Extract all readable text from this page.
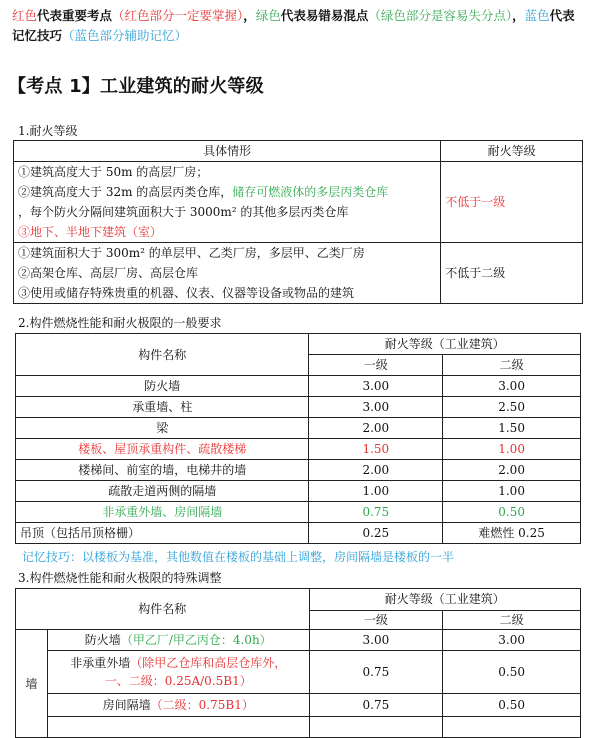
红色代表重要考点（红色部分一定要掌握），绿色代表易错易混点（绿色部分是容易失分点），蓝色代表记忆技巧（蓝色部分辅助记忆）
【考点 1】工业建筑的耐火等级
1.耐火等级
具体情形	耐火等级

①建筑高度大于 50m 的高层厂房；
②建筑高度大于 32m 的高层丙类仓库，储存可燃液体的多层丙类仓库
，每个防火分隔间建筑面积大于 3000m² 的其他多层丙类仓库
③地下、半地下建筑（室）	不低于一级

①建筑面积大于 300m² 的单层甲、乙类厂房，多层甲、乙类厂房
②高架仓库、高层厂房、高层仓库
③使用或储存特殊贵重的机器、仪表、仪器等设备或物品的建筑	不低于二级
2.构件燃烧性能和耐火极限的一般要求
构件名称	耐火等级（工业建筑）	
	一级	二级
防火墙	3.00	3.00
承重墙、柱	3.00	2.50
梁	2.00	1.50
楼板、屋顶承重构件、疏散楼梯	1.50	1.00
楼梯间、前室的墙，电梯井的墙	2.00	2.00
疏散走道两侧的隔墙	1.00	1.00
非承重外墙、房间隔墙	0.75	0.50
吊顶（包括吊顶格栅）	0.25	难燃性 0.25
记忆技巧：以楼板为基准，其他数值在楼板的基础上调整，房间隔墙是楼板的一半
3.构件燃烧性能和耐火极限的特殊调整
构件名称		耐火等级（工业建筑）	
		一级	二级
墙	防火墙（甲乙厂/甲乙丙仓：4.0h）	3.00	3.00

	非承重外墙（除甲乙仓库和高层仓库外，
一、二级：0.25A/0.5B1）	0.75	0.50
	房间隔墙（二级：0.75B1）	0.75	0.50
